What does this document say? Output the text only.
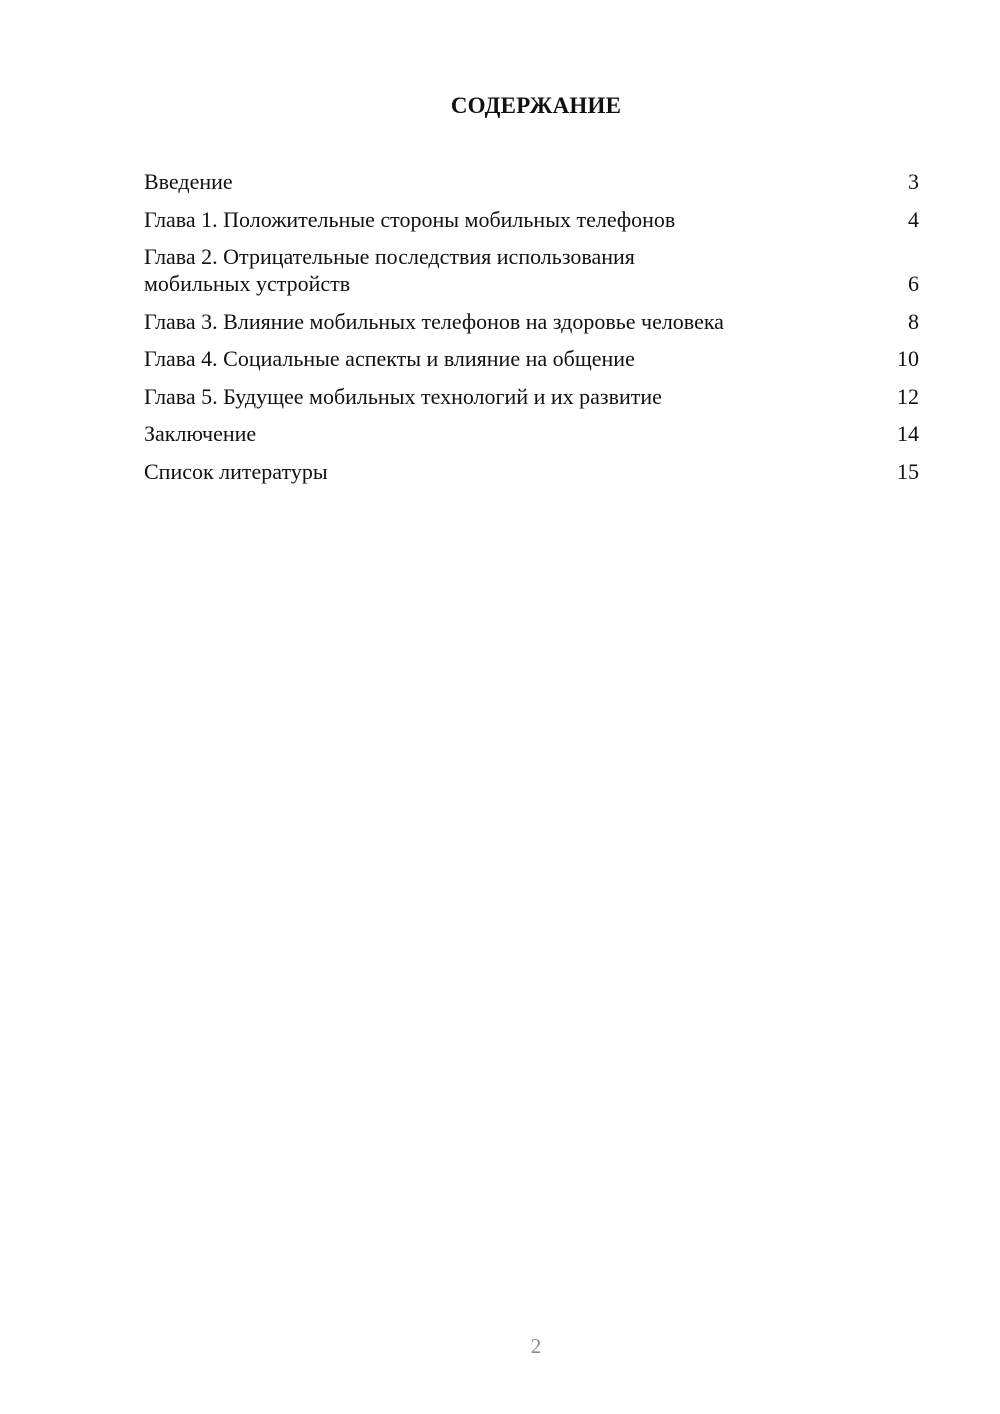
СОДЕРЖАНИЕ
Введение	3
Глава 1. Положительные стороны мобильных телефонов	4
Глава 2. Отрицательные последствия использования мобильных устройств	6
Глава 3. Влияние мобильных телефонов на здоровье человека	8
Глава 4. Социальные аспекты и влияние на общение	10
Глава 5. Будущее мобильных технологий и их развитие	12
Заключение	14
Список литературы	15
2
